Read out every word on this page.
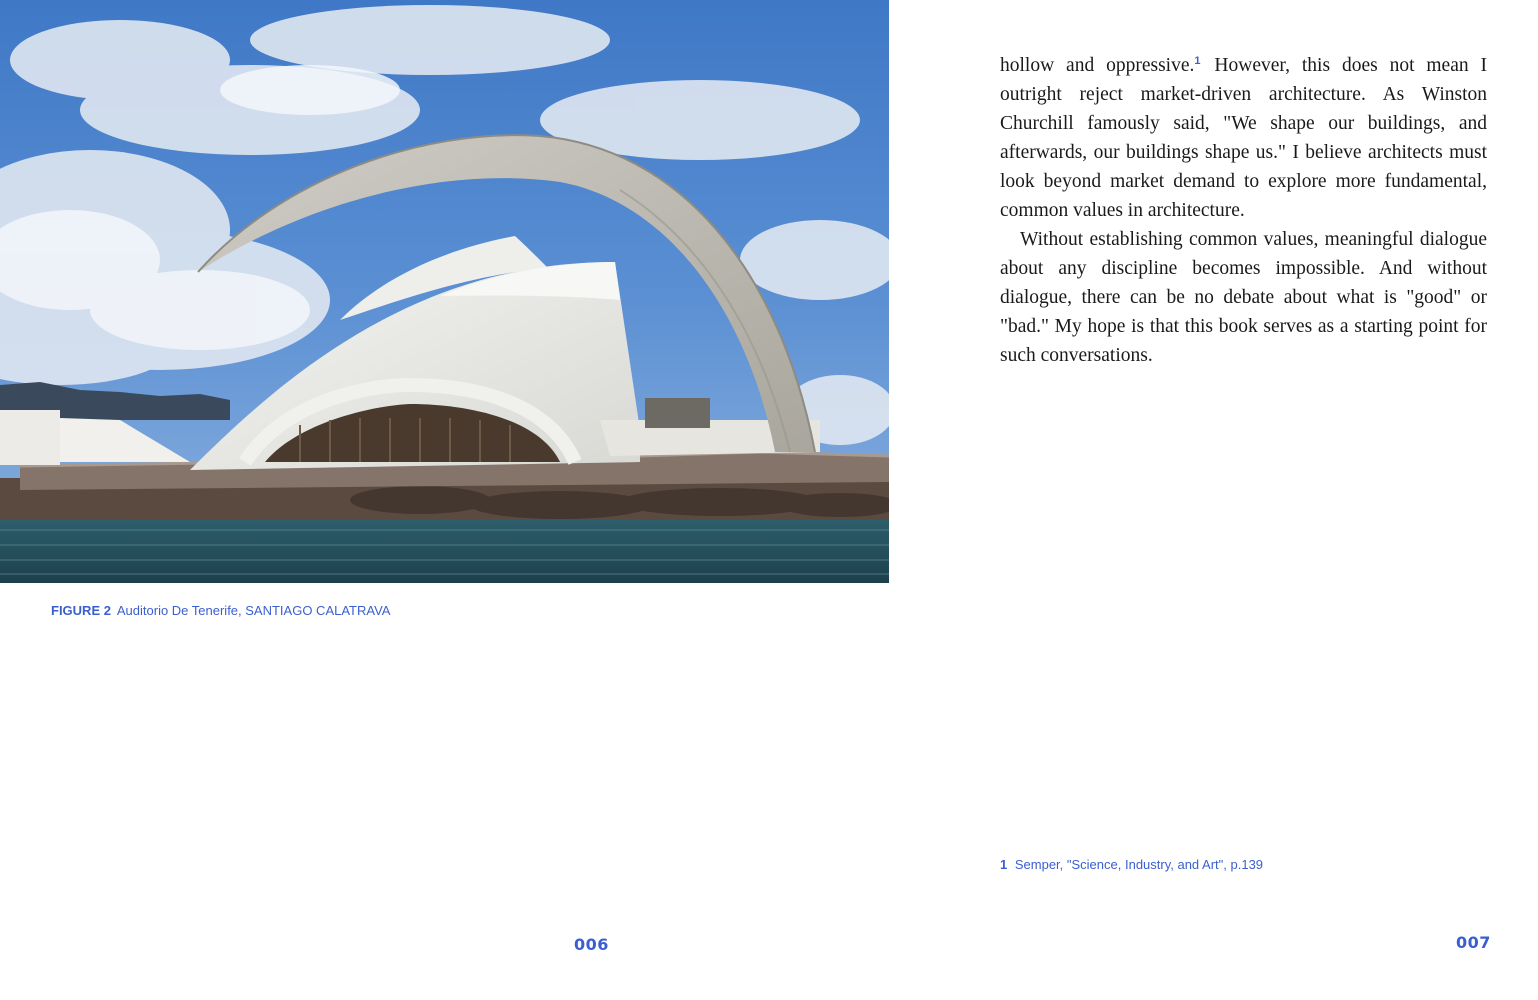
FIGURE 2 Auditorio De Tenerife, SANTIAGO CALATRAVA

hollow and oppressive.$^1$ However, this does not mean I outright reject market-driven architecture. As Winston Churchill famously said, "We shape our buildings, and afterwards, our buildings shape us." I believe architects must look beyond market demand to explore more fundamental, common values in architecture.

Without establishing common values, meaningful dialogue about any discipline becomes impossible. And without dialogue, there can be no debate about what is "good" or "bad." My hope is that this book serves as a starting point for such conversations.

1 Semper, "Science, Industry, and Art", p.139
006	007
